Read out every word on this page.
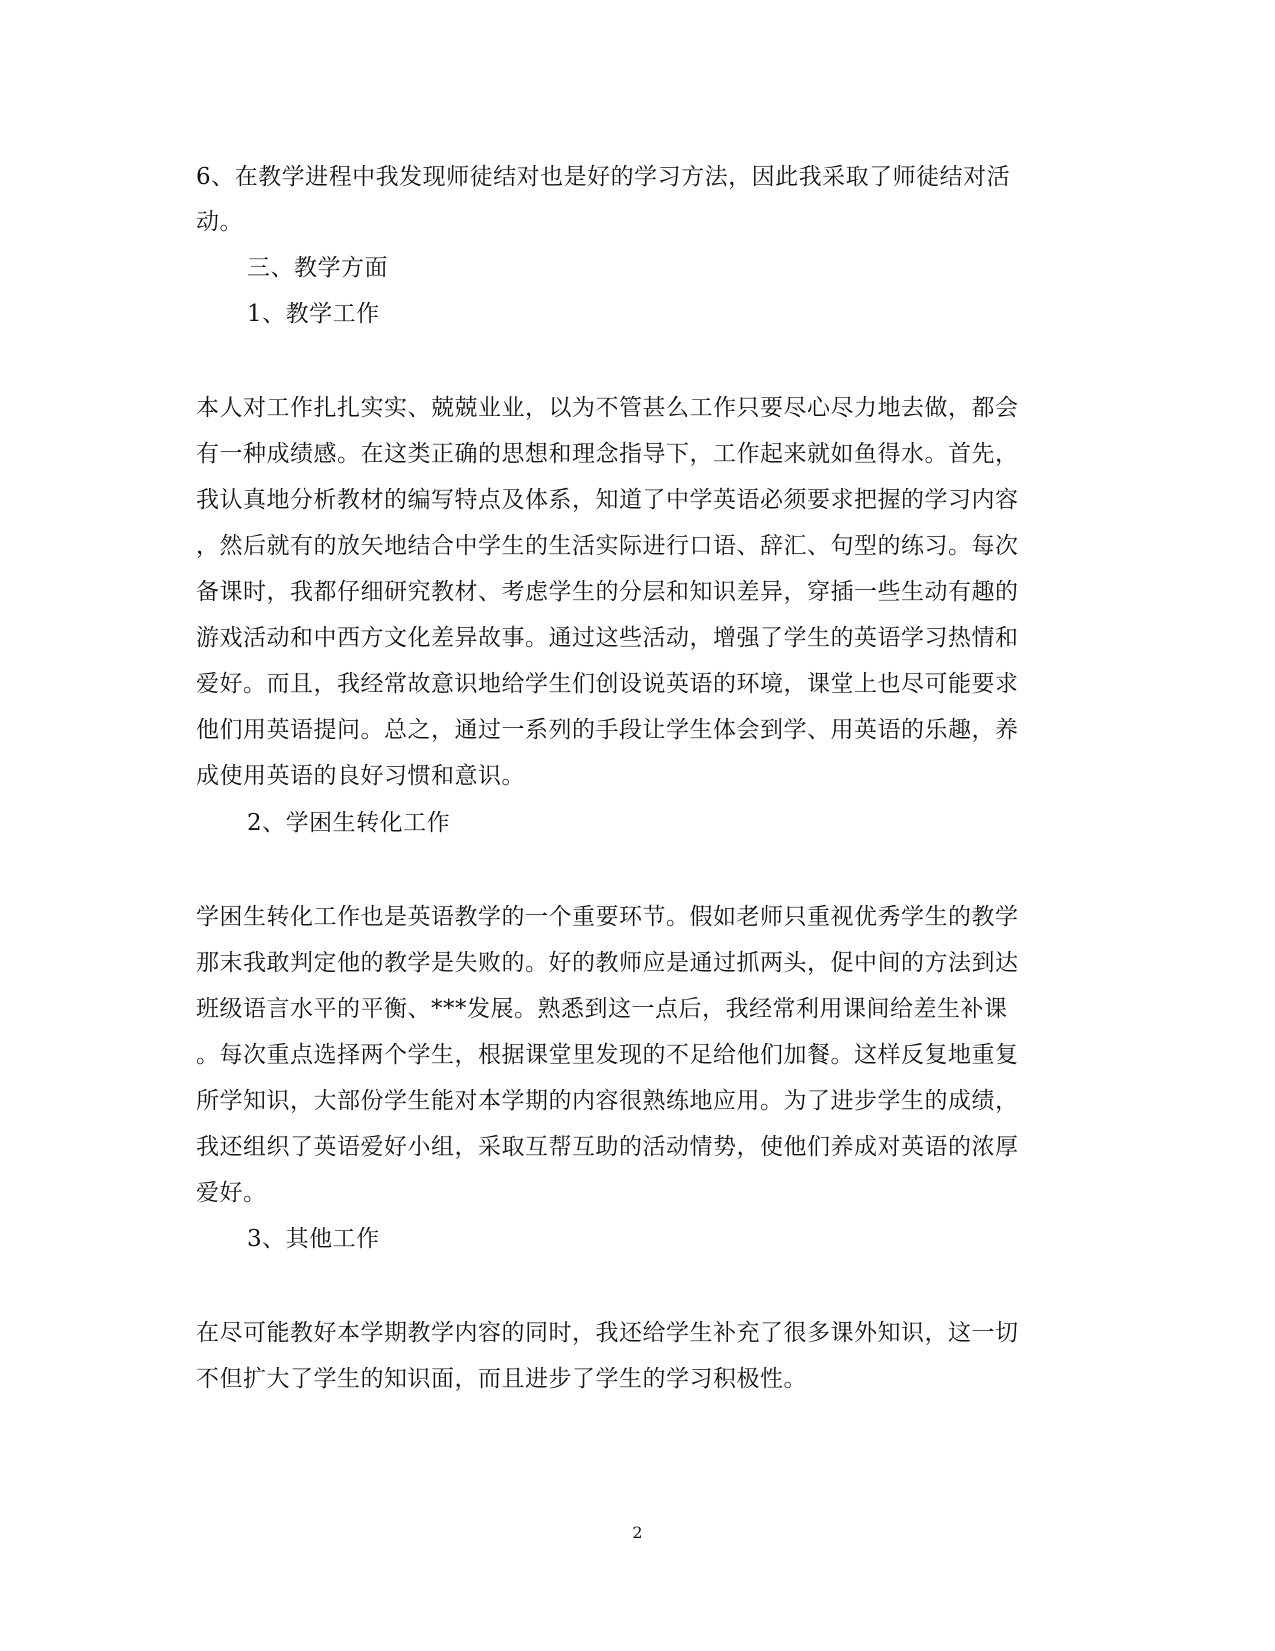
6、在教学进程中我发现师徒结对也是好的学习方法，因此我采取了师徒结对活
动。
三、教学方面
1、教学工作
本人对工作扎扎实实、兢兢业业，以为不管甚么工作只要尽心尽力地去做，都会
有一种成绩感。在这类正确的思想和理念指导下，工作起来就如鱼得水。首先，
我认真地分析教材的编写特点及体系，知道了中学英语必须要求把握的学习内容
，然后就有的放矢地结合中学生的生活实际进行口语、辞汇、句型的练习。每次
备课时，我都仔细研究教材、考虑学生的分层和知识差异，穿插一些生动有趣的
游戏活动和中西方文化差异故事。通过这些活动，增强了学生的英语学习热情和
爱好。而且，我经常故意识地给学生们创设说英语的环境，课堂上也尽可能要求
他们用英语提问。总之，通过一系列的手段让学生体会到学、用英语的乐趣，养
成使用英语的良好习惯和意识。
2、学困生转化工作
学困生转化工作也是英语教学的一个重要环节。假如老师只重视优秀学生的教学
那末我敢判定他的教学是失败的。好的教师应是通过抓两头，促中间的方法到达
班级语言水平的平衡、***发展。熟悉到这一点后，我经常利用课间给差生补课
。每次重点选择两个学生，根据课堂里发现的不足给他们加餐。这样反复地重复
所学知识，大部份学生能对本学期的内容很熟练地应用。为了进步学生的成绩，
我还组织了英语爱好小组，采取互帮互助的活动情势，使他们养成对英语的浓厚
爱好。
3、其他工作
在尽可能教好本学期教学内容的同时，我还给学生补充了很多课外知识，这一切
不但扩大了学生的知识面，而且进步了学生的学习积极性。
2
